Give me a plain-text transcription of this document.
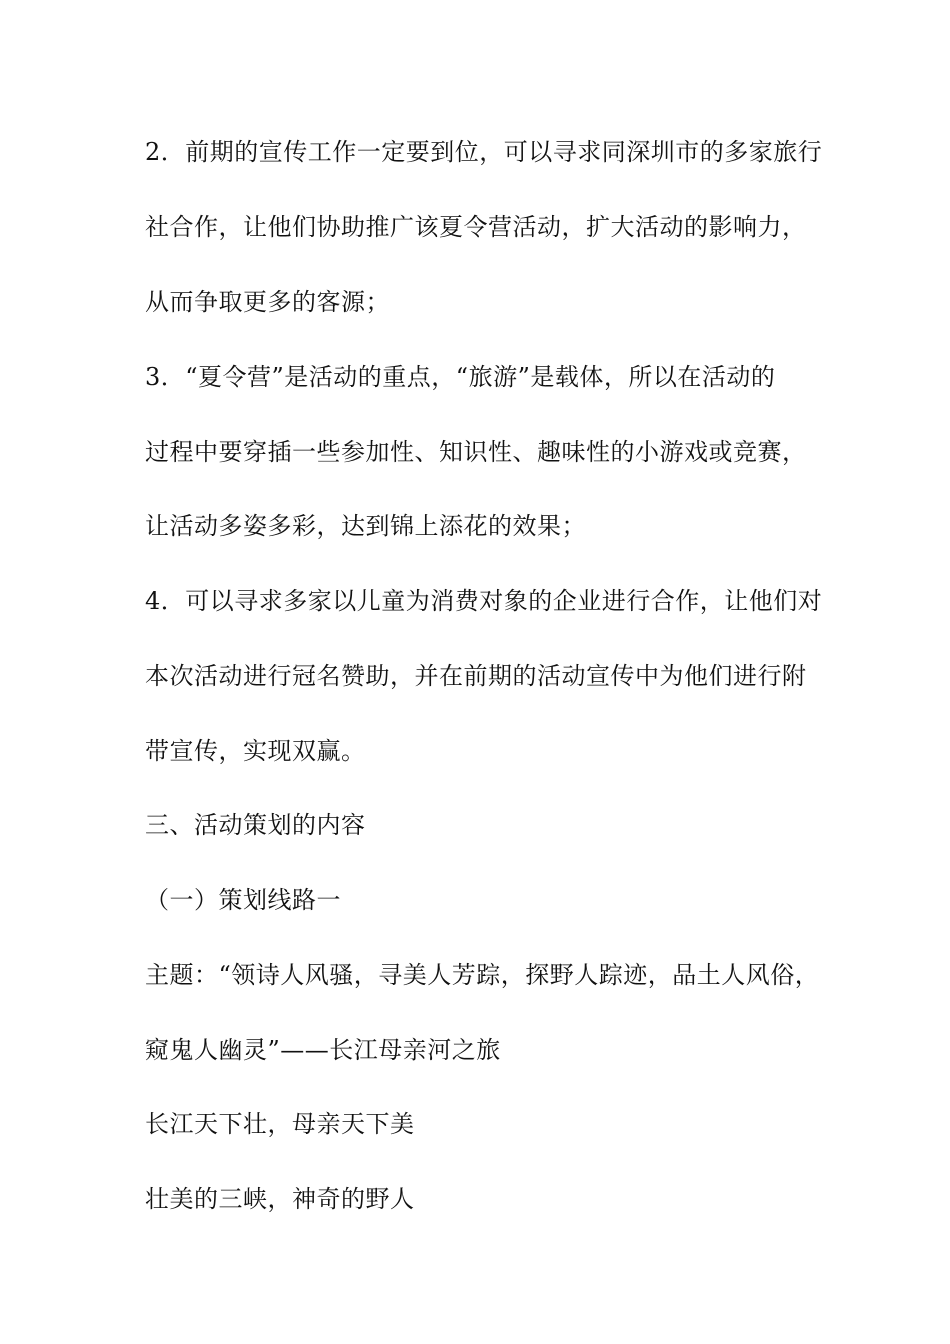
2．前期的宣传工作一定要到位，可以寻求同深圳市的多家旅行
社合作，让他们协助推广该夏令营活动，扩大活动的影响力，
从而争取更多的客源；
3．“夏令营”是活动的重点，“旅游”是载体，所以在活动的
过程中要穿插一些参加性、知识性、趣味性的小游戏或竞赛，
让活动多姿多彩，达到锦上添花的效果；
4．可以寻求多家以儿童为消费对象的企业进行合作，让他们对
本次活动进行冠名赞助，并在前期的活动宣传中为他们进行附
带宣传，实现双赢。
三、活动策划的内容
（一）策划线路一
主题：“领诗人风骚，寻美人芳踪，探野人踪迹，品土人风俗，
窥鬼人幽灵”——长江母亲河之旅
长江天下壮，母亲天下美
壮美的三峡，神奇的野人
